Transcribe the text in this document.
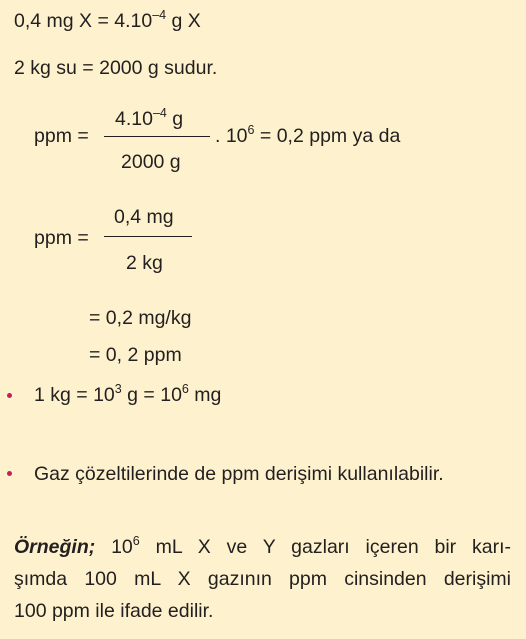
0,4 mg $X = 4.10^{-4}$ g X
2 kg su = 2000 g sudur.
ppm =
$4.10^{-4}$ g
2000 g
. $10^6 = 0,2$ ppm ya da
ppm =
0,4 mg
2 kg
= 0,2 mg/kg
= 0, 2 ppm
1 kg = $10^3$ $g = 10^6$ mg
Gaz çözeltilerinde de ppm derişimi kullanılabilir.
Örneğin; $10^6$ mL X ve Y gazları içeren bir karı-
şımda 100 mL X gazının ppm cinsinden derişimi
100 ppm ile ifade edilir.
